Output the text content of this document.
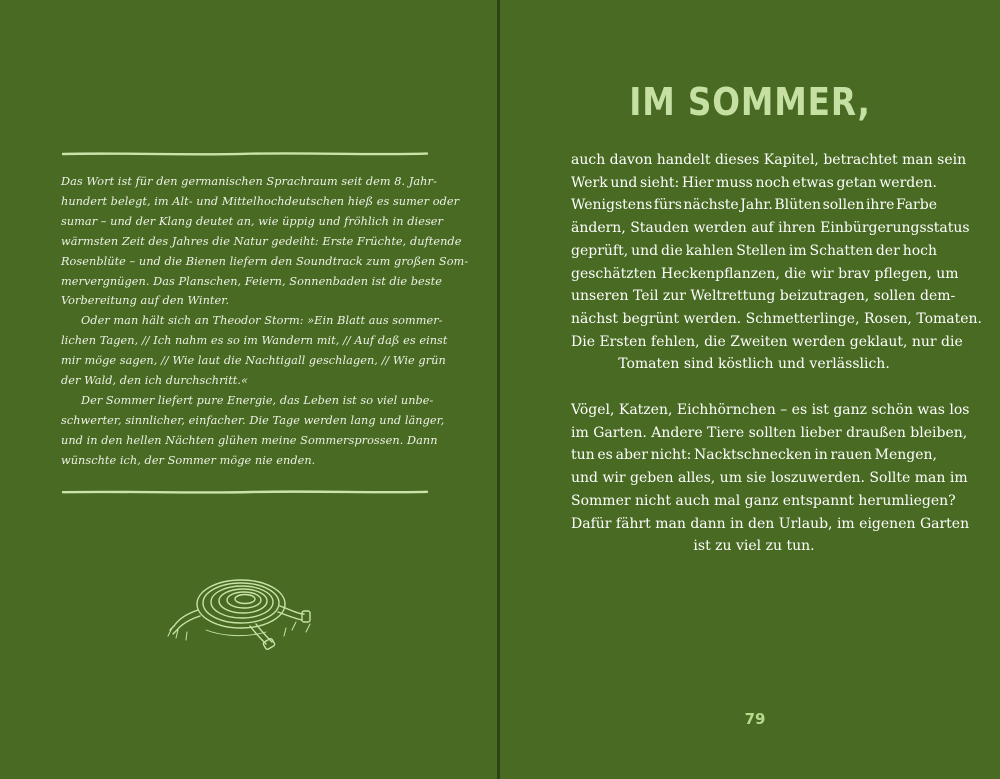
Das Wort ist für den germanischen Sprachraum seit dem 8. Jahr-

hundert belegt, im Alt- und Mittelhochdeutschen hieß es sumer oder

sumar – und der Klang deutet an, wie üppig und fröhlich in dieser

wärmsten Zeit des Jahres die Natur gedeiht: Erste Früchte, duftende

Rosenblüte – und die Bienen liefern den Soundtrack zum großen Som-

mervergnügen. Das Planschen, Feiern, Sonnenbaden ist die beste

Vorbereitung auf den Winter.

Oder man hält sich an Theodor Storm: »Ein Blatt aus sommer-

lichen Tagen, // Ich nahm es so im Wandern mit, // Auf daß es einst

mir möge sagen, // Wie laut die Nachtigall geschlagen, // Wie grün

der Wald, den ich durchschritt.«

Der Sommer liefert pure Energie, das Leben ist so viel unbe-

schwerter, sinnlicher, einfacher. Die Tage werden lang und länger,

und in den hellen Nächten glühen meine Sommersprossen. Dann

wünschte ich, der Sommer möge nie enden.

IM SOMMER,

auch davon handelt dieses Kapitel, betrachtet man sein

Werk und sieht: Hier muss noch etwas getan werden.

Wenigstens fürs nächste Jahr. Blüten sollen ihre Farbe

ändern, Stauden werden auf ihren Einbürgerungsstatus

geprüft, und die kahlen Stellen im Schatten der hoch

geschätzten Heckenpflanzen, die wir brav pflegen, um

unseren Teil zur Weltrettung beizutragen, sollen dem-

nächst begrünt werden. Schmetterlinge, Rosen, Tomaten.

Die Ersten fehlen, die Zweiten werden geklaut, nur die

Tomaten sind köstlich und verlässlich.

Vögel, Katzen, Eichhörnchen – es ist ganz schön was los

im Garten. Andere Tiere sollten lieber draußen bleiben,

tun es aber nicht: Nacktschnecken in rauen Mengen,

und wir geben alles, um sie loszuwerden. Sollte man im

Sommer nicht auch mal ganz entspannt herumliegen?

Dafür fährt man dann in den Urlaub, im eigenen Garten

ist zu viel zu tun.

79
